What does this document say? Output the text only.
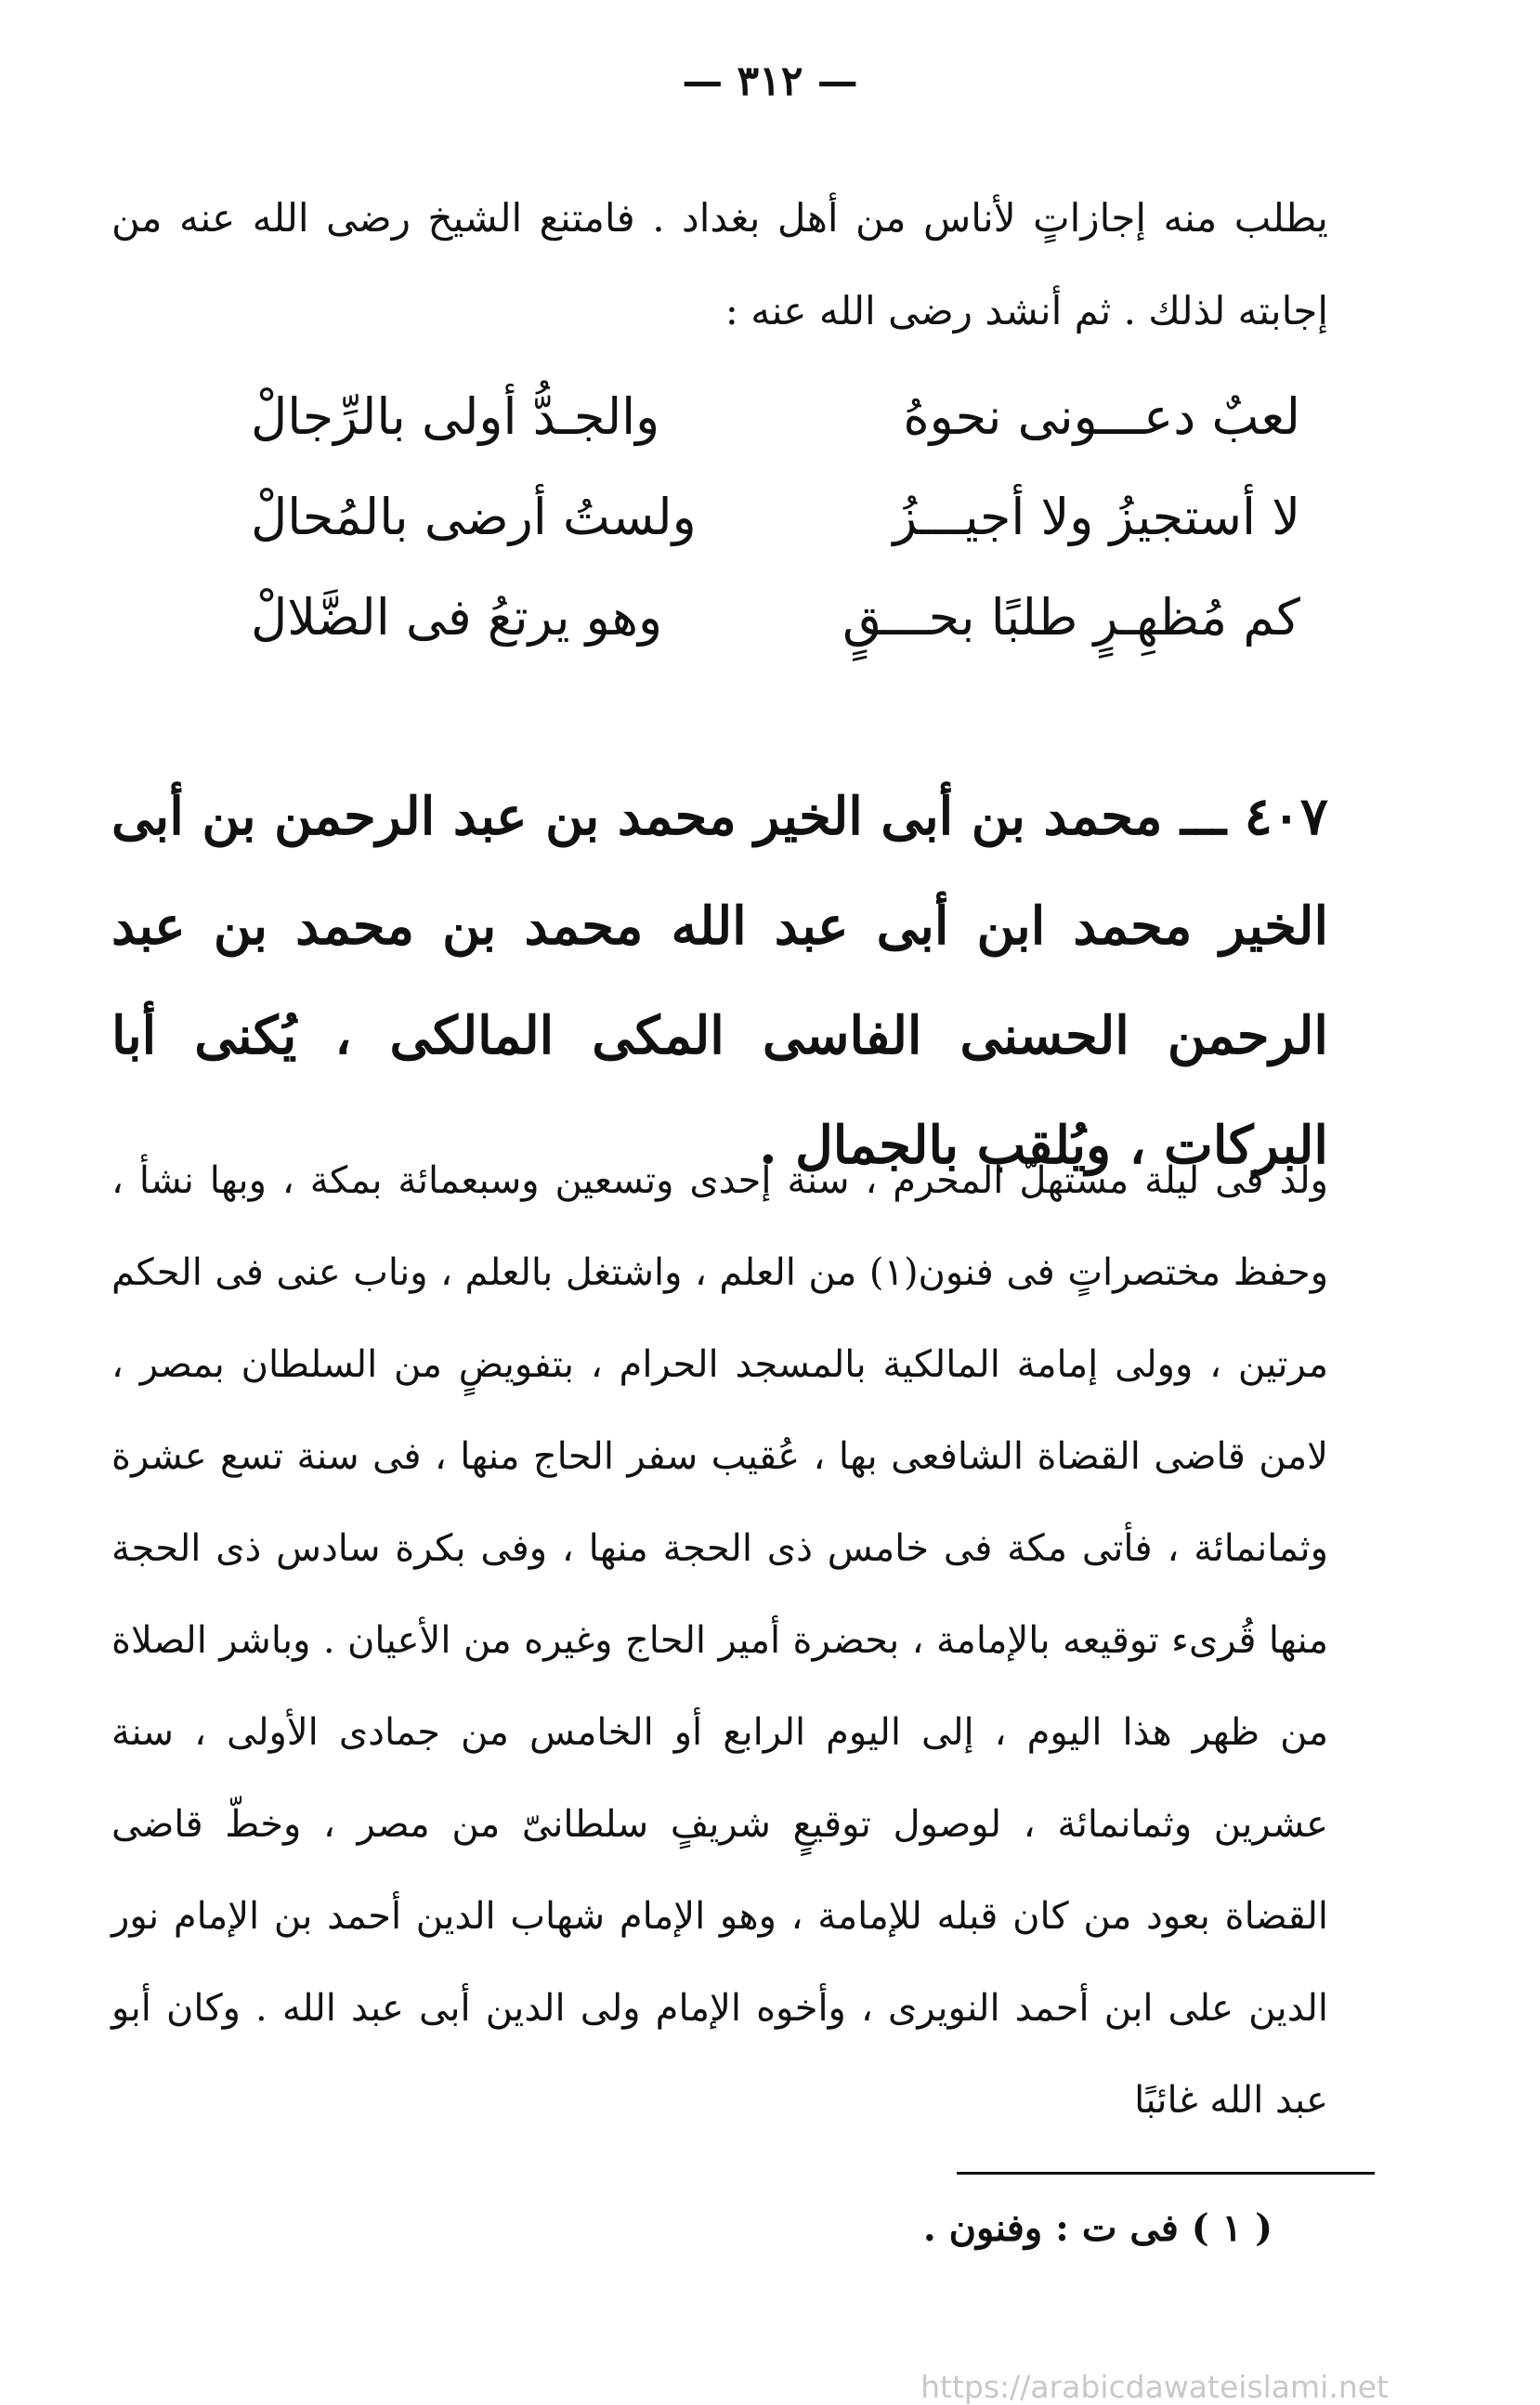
— ٣١٢ —

يطلب منه إجازاتٍ لأناس من أهل بغداد . فامتنع الشيخ رضى الله عنه من إجابته لذلك . ثم أنشد رضى الله عنه :

لعبٌ دعـــونى نحوهُ
والجـدُّ أولى بالرِّجالْ
لا أستجيزُ ولا أجيـــزُ
ولستُ أرضى بالمُحالْ
كم مُظهِـرٍ طلبًا بحـــقٍ
وهو يرتعُ فى الضَّلالْ

٤٠٧ ـــ محمد بن أبى الخير محمد بن عبد الرحمن بن أبى الخير محمد ابن أبى عبد الله محمد بن محمد بن عبد الرحمن الحسنى الفاسى المكى المالكى ، يُكنى أبا البركات ، ويُلقب بالجمال .

ولد فى ليلة مستهلّ المحرم ، سنة إحدى وتسعين وسبعمائة بمكة ، وبها نشأ ، وحفظ مختصراتٍ فى فنون(١) من العلم ، واشتغل بالعلم ، وناب عنى فى الحكم مرتين ، وولى إمامة المالكية بالمسجد الحرام ، بتفويضٍ من السلطان بمصر ، لامن قاضى القضاة الشافعى بها ، عُقيب سفر الحاج منها ، فى سنة تسع عشرة وثمانمائة ، فأتى مكة فى خامس ذى الحجة منها ، وفى بكرة سادس ذى الحجة منها قُرىء توقيعه بالإمامة ، بحضرة أمير الحاج وغيره من الأعيان . وباشر الصلاة من ظهر هذا اليوم ، إلى اليوم الرابع أو الخامس من جمادى الأولى ، سنة عشرين وثمانمائة ، لوصول توقيعٍ شريفٍ سلطانىّ من مصر ، وخطّ قاضى القضاة بعود من كان قبله للإمامة ، وهو الإمام شهاب الدين أحمد بن الإمام نور الدين على ابن أحمد النويرى ، وأخوه الإمام ولى الدين أبى عبد الله . وكان أبو عبد الله غائبًا

( ١ ) فى ت : وفنون .
https://arabicdawateislami.net
